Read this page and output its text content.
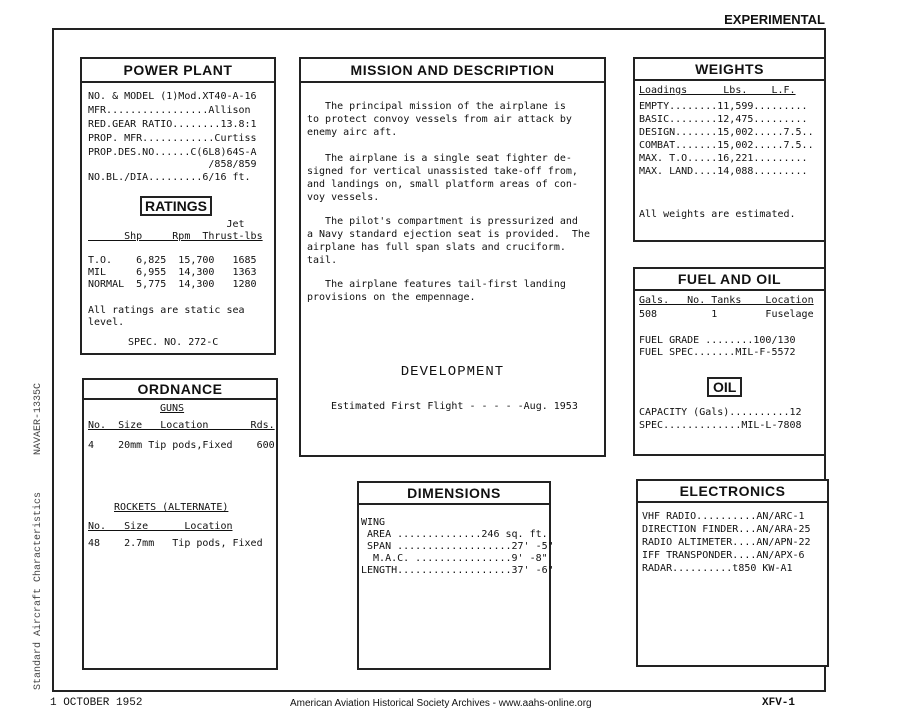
EXPERIMENTAL
Standard Aircraft Characteristics
NAVAER-1335C
POWER PLANT
NO. & MODEL (1)Mod.XT40-A-16
MFR.................Allison
RED.GEAR RATIO........13.8:1
PROP. MFR............Curtiss
PROP.DES.NO......C(6L8)64S-A
/858/859
NO.BL./DIA.........6/16 ft.
RATINGS
Jet
Shp     Rpm  Thrust-lbs
T.O.    6,825  15,700   1685
MIL     6,955  14,300   1363
NORMAL  5,775  14,300   1280
All ratings are static sea
level.
SPEC. NO. 272-C
MISSION AND DESCRIPTION
The principal mission of the airplane is
to protect convoy vessels from air attack by
enemy airc aft.
The airplane is a single seat fighter de-
signed for vertical unassisted take-off from,
and landings on, small platform areas of con-
voy vessels.
The pilot's compartment is pressurized and
a Navy standard ejection seat is provided.  The
airplane has full span slats and cruciform.
tail.
The airplane features tail-first landing
provisions on the empennage.
DEVELOPMENT
Estimated First Flight - - - - -Aug. 1953
WEIGHTS
Loadings      Lbs.    L.F.
EMPTY........11,599.........
BASIC........12,475.........
DESIGN.......15,002.....7.5..
COMBAT.......15,002.....7.5..
MAX. T.O.....16,221.........
MAX. LAND....14,088.........
All weights are estimated.
FUEL AND OIL
Gals.   No. Tanks    Location
508         1        Fuselage
FUEL GRADE ........100/130
FUEL SPEC.......MIL-F-5572
OIL
CAPACITY (Gals)..........12
SPEC.............MIL-L-7808
ORDNANCE
GUNS
No.  Size   Location       Rds.
4    20mm Tip pods,Fixed    600
ROCKETS (ALTERNATE)
No.   Size      Location
48    2.7mm   Tip pods, Fixed
DIMENSIONS
WING
AREA ..............246 sq. ft.
SPAN ...................27' -5"
M.A.C. ................9' -8"
LENGTH...................37' -6"
ELECTRONICS
VHF RADIO..........AN/ARC-1
DIRECTION FINDER...AN/ARA-25
RADIO ALTIMETER....AN/APN-22
IFF TRANSPONDER....AN/APX-6
RADAR..........t850 KW-A1
1 OCTOBER 1952	American Aviation Historical Society Archives - www.aahs-online.org	XFV-1
